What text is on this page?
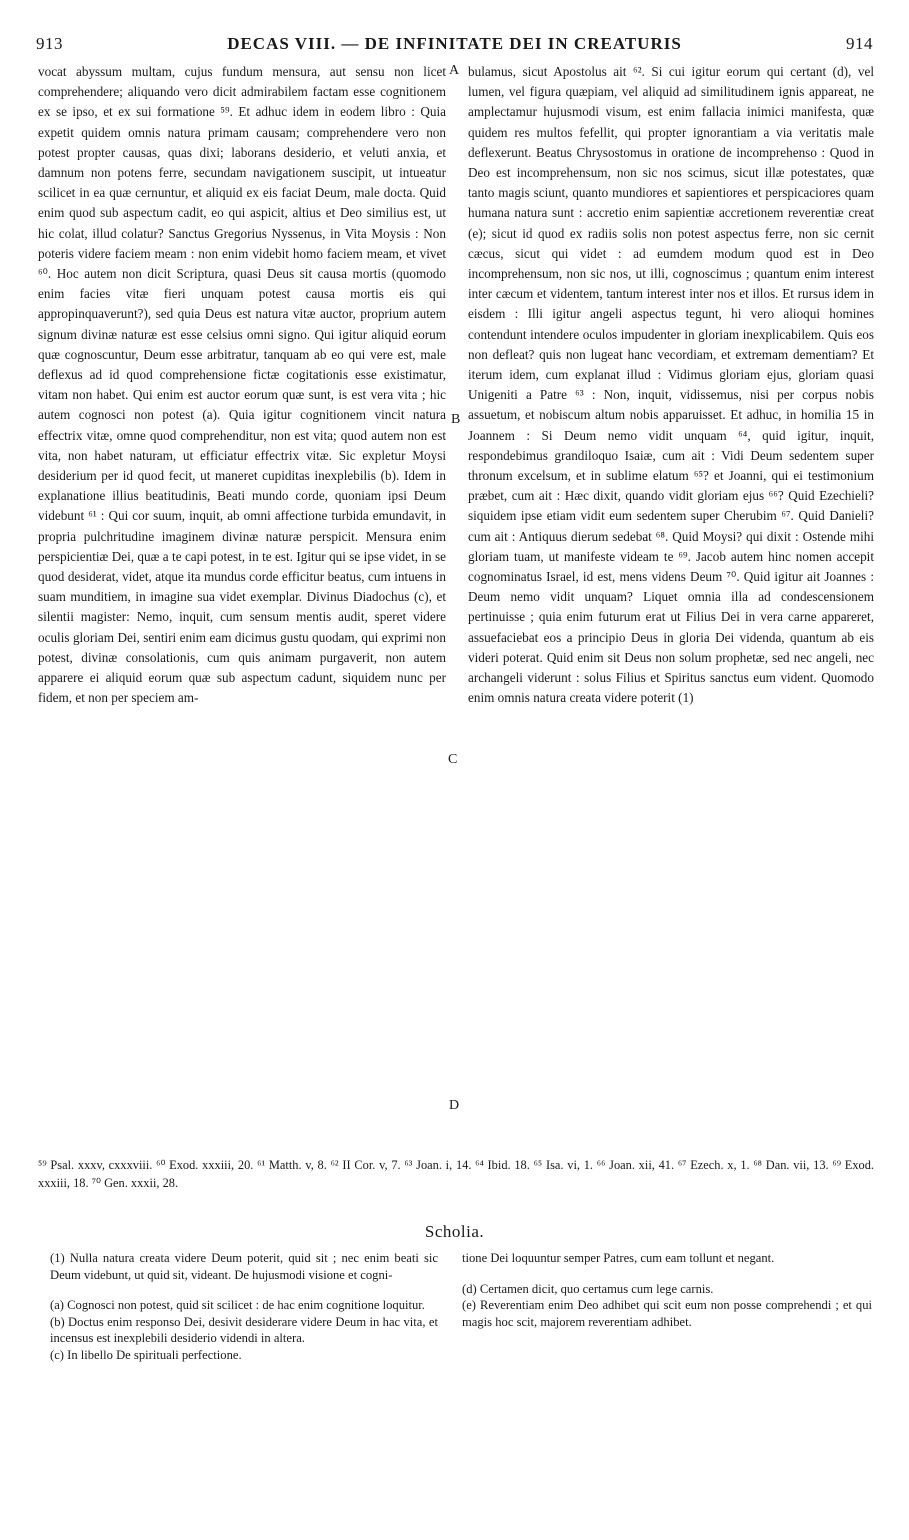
913	DECAS VIII. — DE INFINITATE DEI IN CREATURIS	914

vocat abyssum multam, cujus fundum mensura, aut sensu non licet comprehendere; aliquando vero dicit admirabilem factam esse cognitionem ex se ipso, et ex sui formatione ⁵⁹. Et adhuc idem in eodem libro : Quia expetit quidem omnis natura primam causam; comprehendere vero non potest propter causas, quas dixi; laborans desiderio, et veluti anxia, et damnum non potens ferre, secundam navigationem suscipit, ut intueatur scilicet in ea quæ cernuntur, et aliquid ex eis faciat Deum, male docta. Quid enim quod sub aspectum cadit, eo qui aspicit, altius et Deo similius est, ut hic colat, illud colatur? Sanctus Gregorius Nyssenus, in Vita Moysis : Non poteris videre faciem meam : non enim videbit homo faciem meam, et vivet ⁶⁰. Hoc autem non dicit Scriptura, quasi Deus sit causa mortis (quomodo enim facies vitæ fieri unquam potest causa mortis eis qui appropinquaverunt?), sed quia Deus est natura vitæ auctor, proprium autem signum divinæ naturæ est esse celsius omni signo. Qui igitur aliquid eorum quæ cognoscuntur, Deum esse arbitratur, tanquam ab eo qui vere est, male deflexus ad id quod comprehensione fictæ cogitationis esse existimatur, vitam non habet. Qui enim est auctor eorum quæ sunt, is est vera vita ; hic autem cognosci non potest (a). Quia igitur cognitionem vincit natura effectrix vitæ, omne quod comprehenditur, non est vita; quod autem non est vita, non habet naturam, ut efficiatur effectrix vitæ. Sic expletur Moysi desiderium per id quod fecit, ut maneret cupiditas inexplebilis (b). Idem in explanatione illius beatitudinis, Beati mundo corde, quoniam ipsi Deum videbunt ⁶¹ : Qui cor suum, inquit, ab omni affectione turbida emundavit, in propria pulchritudine imaginem divinæ naturæ perspicit. Mensura enim perspicientiæ Dei, quæ a te capi potest, in te est. Igitur qui se ipse videt, in se quod desiderat, videt, atque ita mundus corde efficitur beatus, cum intuens in suam munditiem, in imagine sua videt exemplar. Divinus Diadochus (c), et silentii magister: Nemo, inquit, cum sensum mentis audit, speret videre oculis gloriam Dei, sentiri enim eam dicimus gustu quodam, qui exprimi non potest, divinæ consolationis, cum quis animam purgaverit, non autem apparere ei aliquid eorum quæ sub aspectum cadunt, siquidem nunc per fidem, et non per speciem am-

A
B
C
D

bulamus, sicut Apostolus ait ⁶². Si cui igitur eorum qui certant (d), vel lumen, vel figura quæpiam, vel aliquid ad similitudinem ignis appareat, ne amplectamur hujusmodi visum, est enim fallacia inimici manifesta, quæ quidem res multos fefellit, qui propter ignorantiam a via veritatis male deflexerunt. Beatus Chrysostomus in oratione de incomprehenso : Quod in Deo est incomprehensum, non sic nos scimus, sicut illæ potestates, quæ tanto magis sciunt, quanto mundiores et sapientiores et perspicaciores quam humana natura sunt : accretio enim sapientiæ accretionem reverentiæ creat (e); sicut id quod ex radiis solis non potest aspectus ferre, non sic cernit cæcus, sicut qui videt : ad eumdem modum quod est in Deo incomprehensum, non sic nos, ut illi, cognoscimus ; quantum enim interest inter cæcum et videntem, tantum interest inter nos et illos. Et rursus idem in eisdem : Illi igitur angeli aspectus tegunt, hi vero alioqui homines contendunt intendere oculos impudenter in gloriam inexplicabilem. Quis eos non defleat? quis non lugeat hanc vecordiam, et extremam dementiam? Et iterum idem, cum explanat illud : Vidimus gloriam ejus, gloriam quasi Unigeniti a Patre ⁶³ : Non, inquit, vidissemus, nisi per corpus nobis assuetum, et nobiscum altum nobis apparuisset. Et adhuc, in homilia 15 in Joannem : Si Deum nemo vidit unquam ⁶⁴, quid igitur, inquit, respondebimus grandiloquo Isaiæ, cum ait : Vidi Deum sedentem super thronum excelsum, et in sublime elatum ⁶⁵? et Joanni, qui ei testimonium præbet, cum ait : Hæc dixit, quando vidit gloriam ejus ⁶⁶? Quid Ezechieli? siquidem ipse etiam vidit eum sedentem super Cherubim ⁶⁷. Quid Danieli? cum ait : Antiquus dierum sedebat ⁶⁸. Quid Moysi? qui dixit : Ostende mihi gloriam tuam, ut manifeste videam te ⁶⁹. Jacob autem hinc nomen accepit cognominatus Israel, id est, mens videns Deum ⁷⁰. Quid igitur ait Joannes : Deum nemo vidit unquam? Liquet omnia illa ad condescensionem pertinuisse ; quia enim futurum erat ut Filius Dei in vera carne appareret, assuefaciebat eos a principio Deus in gloria Dei videnda, quantum ab eis videri poterat. Quid enim sit Deus non solum prophetæ, sed nec angeli, nec archangeli viderunt : solus Filius et Spiritus sanctus eum vident. Quomodo enim omnis natura creata videre poterit (1)

⁵⁹ Psal. xxxv, cxxxviii. ⁶⁰ Exod. xxxiii, 20. ⁶¹ Matth. v, 8. ⁶² II Cor. v, 7. ⁶³ Joan. i, 14. ⁶⁴ Ibid. 18. ⁶⁵ Isa. vi, 1. ⁶⁶ Joan. xii, 41. ⁶⁷ Ezech. x, 1. ⁶⁸ Dan. vii, 13. ⁶⁹ Exod. xxxiii, 18. ⁷⁰ Gen. xxxii, 28.
Scholia.

(1) Nulla natura creata videre Deum poterit, quid sit ; nec enim beati sic Deum videbunt, ut quid sit, videant. De hujusmodi visione et cogni-

(a) Cognosci non potest, quid sit scilicet : de hac enim cognitione loquitur.

(b) Doctus enim responso Dei, desivit desiderare videre Deum in hac vita, et incensus est inexplebili desiderio videndi in altera.

(c) In libello De spirituali perfectione.

tione Dei loquuntur semper Patres, cum eam tollunt et negant.

(d) Certamen dicit, quo certamus cum lege carnis.

(e) Reverentiam enim Deo adhibet qui scit eum non posse comprehendi ; et qui magis hoc scit, majorem reverentiam adhibet.
